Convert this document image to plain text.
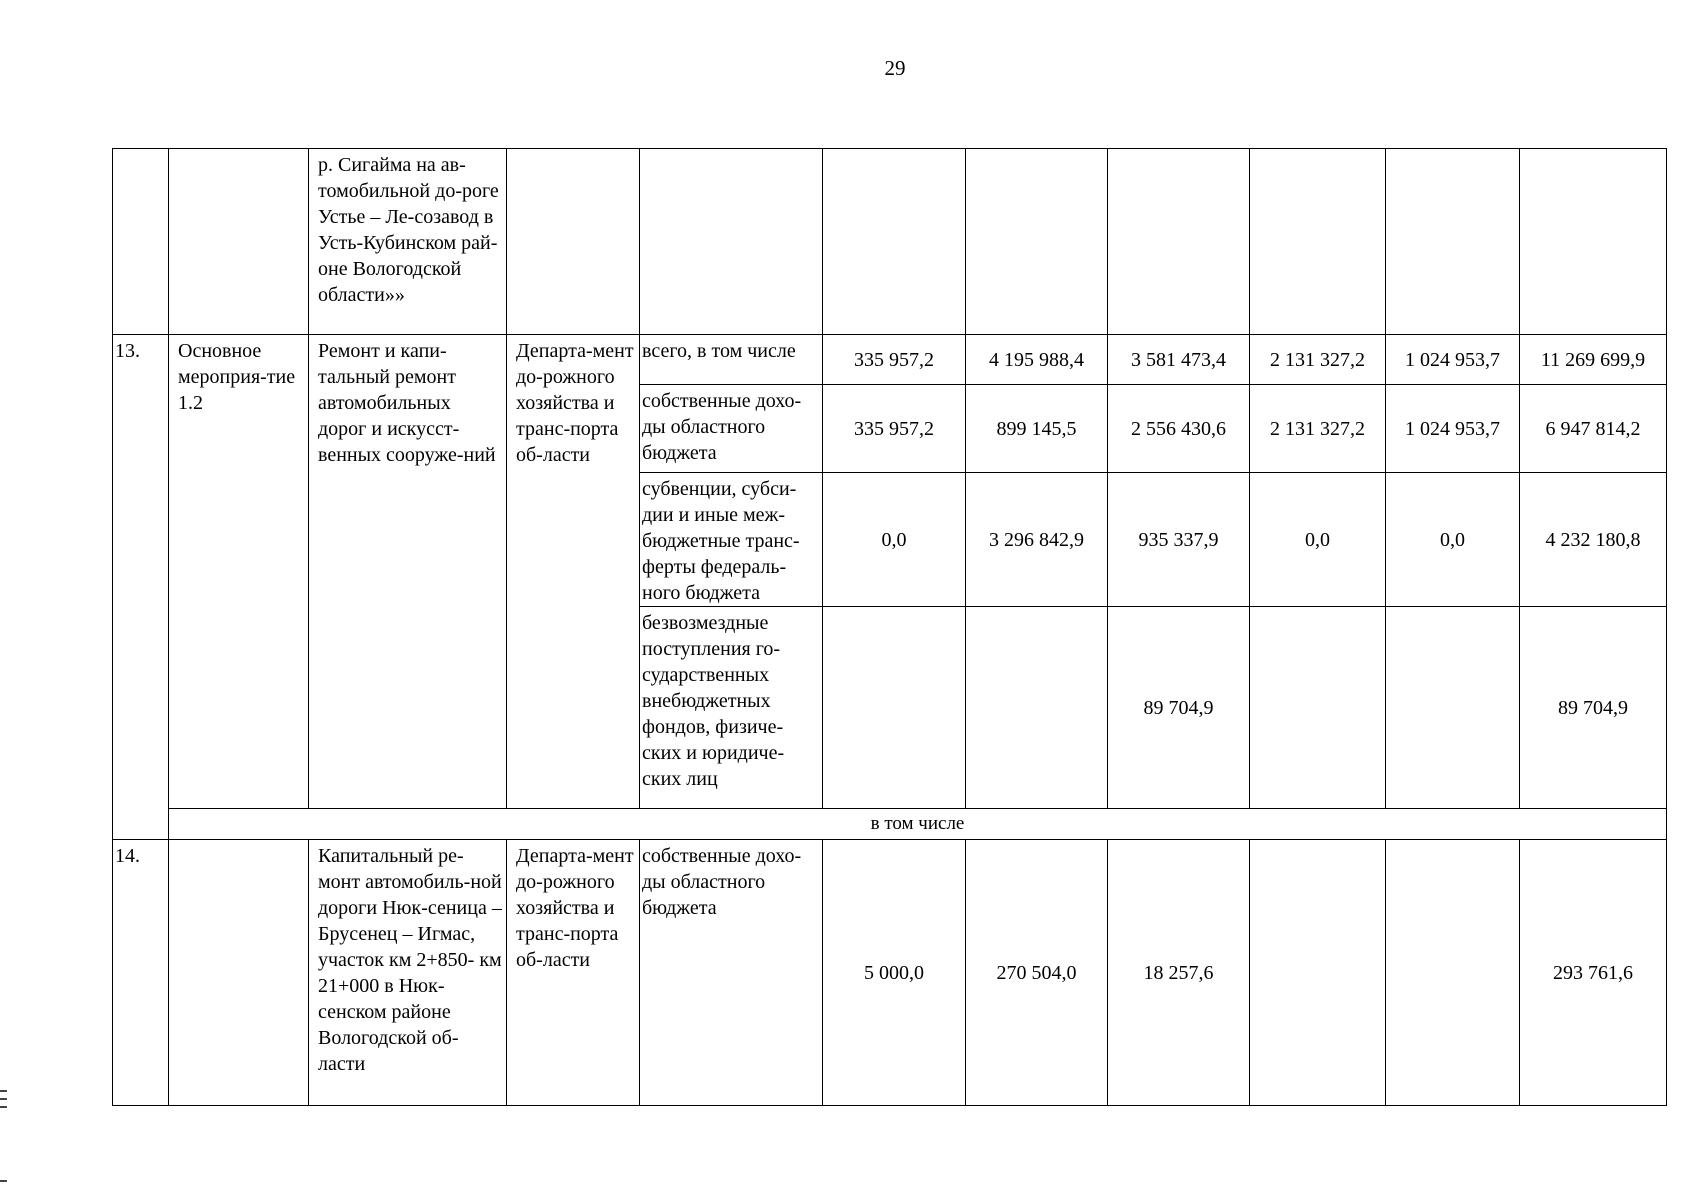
29
		р. Сигайма на ав-томобильной до-роге Устье – Ле-созавод в Усть-Кубинском рай-оне Вологодской области»»								
13.	Основное мероприя-тие 1.2	Ремонт и капи-тальный ремонт автомобильных дорог и искусст-венных сооруже-ний	Департа-мент до-рожного хозяйства и транс-порта об-ласти	всего, в том числе	335 957,2	4 195 988,4	3 581 473,4	2 131 327,2	1 024 953,7	11 269 699,9
				собственные дохо-ды областного бюджета	335 957,2	899 145,5	2 556 430,6	2 131 327,2	1 024 953,7	6 947 814,2
				субвенции, субси-дии и иные меж-бюджетные транс-ферты федераль-ного бюджета	0,0	3 296 842,9	935 337,9	0,0	0,0	4 232 180,8
				безвозмездные поступления го-сударственных внебюджетных фондов, физиче-ских и юридиче-ских лиц			89 704,9			89 704,9
	в том числе									
14.		Капитальный ре-монт автомобиль-ной дороги Нюк-сеница – Брусенец – Игмас, участок км 2+850- км 21+000 в Нюк-сенском районе Вологодской об-ласти	Департа-мент до-рожного хозяйства и транс-порта об-ласти	собственные дохо-ды областного бюджета	5 000,0	270 504,0	18 257,6			293 761,6
